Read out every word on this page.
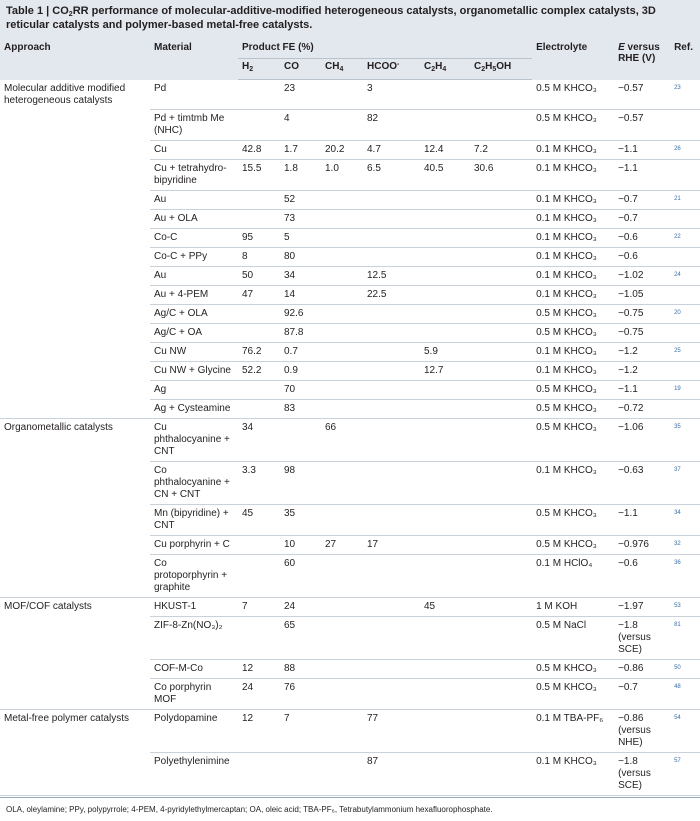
Table 1 | $CO_2RR$ performance of molecular-additive-modified heterogeneous catalysts, organometallic complex catalysts, 3D reticular catalysts and polymer-based metal-free catalysts.
Approach	Material	Product FE (%)						Electrolyte	E versus RHE (V)	Ref.
		$H_2$	CO	$CH_4$	HCOO-	$C_2H_4$	$C_2H_5OH$			
Molecular additive modified heterogeneous catalysts	Pd		23		3			0.5 M KHCO₃	−0.57	23
	Pd + timtmb Me (NHC)		4		82			0.5 M KHCO₃	−0.57	
	Cu	42.8	1.7	20.2	4.7	12.4	7.2	0.1 M KHCO₃	−1.1	26
	Cu + tetrahydro-bipyridine	15.5	1.8	1.0	6.5	40.5	30.6	0.1 M KHCO₃	−1.1	
	Au		52					0.1 M KHCO₃	−0.7	21
	Au + OLA		73					0.1 M KHCO₃	−0.7	
	Co-C	95	5					0.1 M KHCO₃	−0.6	22
	Co-C + PPy	8	80					0.1 M KHCO₃	−0.6	
	Au	50	34		12.5			0.1 M KHCO₃	−1.02	24
	Au + 4-PEM	47	14		22.5			0.1 M KHCO₃	−1.05	
	Ag/C + OLA		92.6					0.5 M KHCO₃	−0.75	20
	Ag/C + OA		87.8					0.5 M KHCO₃	−0.75	
	Cu NW	76.2	0.7			5.9		0.1 M KHCO₃	−1.2	25
	Cu NW + Glycine	52.2	0.9			12.7		0.1 M KHCO₃	−1.2	
	Ag		70					0.5 M KHCO₃	−1.1	19
	Ag + Cysteamine		83					0.5 M KHCO₃	−0.72	
Organometallic catalysts	Cu phthalocyanine + CNT	34		66				0.5 M KHCO₃	−1.06	35
	Co phthalocyanine + CN + CNT	3.3	98					0.1 M KHCO₃	−0.63	37
	Mn (bipyridine) + CNT	45	35					0.5 M KHCO₃	−1.1	34
	Cu porphyrin + C		10	27	17			0.5 M KHCO₃	−0.976	32
	Co protoporphyrin + graphite		60					0.1 M HClO₄	−0.6	36
MOF/COF catalysts	HKUST-1	7	24			45		1 M KOH	−1.97	53
	ZIF-8-Zn(NO₃)₂		65					0.5 M NaCl	−1.8 (versus SCE)	81
	COF-M-Co	12	88					0.5 M KHCO₃	−0.86	50
	Co porphyrin MOF	24	76					0.5 M KHCO₃	−0.7	48
Metal-free polymer catalysts	Polydopamine	12	7		77			0.1 M TBA-PF₆	−0.86 (versus NHE)	54
	Polyethylenimine				87			0.1 M KHCO₃	−1.8 (versus SCE)	57
OLA, oleylamine; PPy, polypyrrole; 4-PEM, 4-pyridylethylmercaptan; OA, oleic acid; TBA-PF₆, Tetrabutylammonium hexafluorophosphate.
